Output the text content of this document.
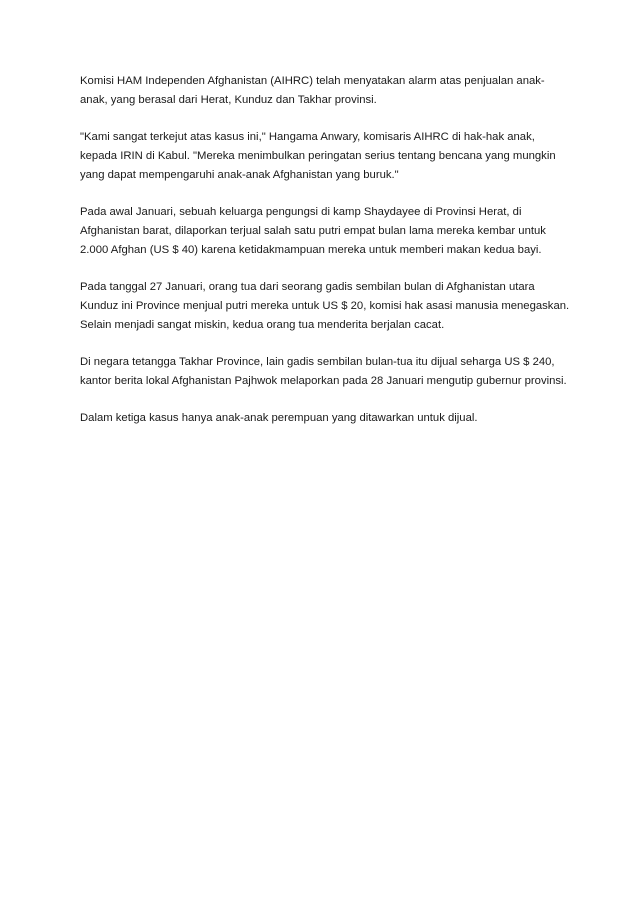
Komisi HAM Independen Afghanistan (AIHRC) telah menyatakan alarm atas penjualan anak-anak, yang berasal dari Herat, Kunduz dan Takhar provinsi.

"Kami sangat terkejut atas kasus ini," Hangama Anwary, komisaris AIHRC di hak-hak anak, kepada IRIN di Kabul. "Mereka menimbulkan peringatan serius tentang bencana yang mungkin yang dapat mempengaruhi anak-anak Afghanistan yang buruk."

Pada awal Januari, sebuah keluarga pengungsi di kamp Shaydayee di Provinsi Herat, di Afghanistan barat, dilaporkan terjual salah satu putri empat bulan lama mereka kembar untuk 2.000 Afghan (US $ 40) karena ketidakmampuan mereka untuk memberi makan kedua bayi.

Pada tanggal 27 Januari, orang tua dari seorang gadis sembilan bulan di Afghanistan utara Kunduz ini Province menjual putri mereka untuk US $ 20, komisi hak asasi manusia menegaskan. Selain menjadi sangat miskin, kedua orang tua menderita berjalan cacat.

Di negara tetangga Takhar Province, lain gadis sembilan bulan-tua itu dijual seharga US $ 240, kantor berita lokal Afghanistan Pajhwok melaporkan pada 28 Januari mengutip gubernur provinsi.

Dalam ketiga kasus hanya anak-anak perempuan yang ditawarkan untuk dijual.
